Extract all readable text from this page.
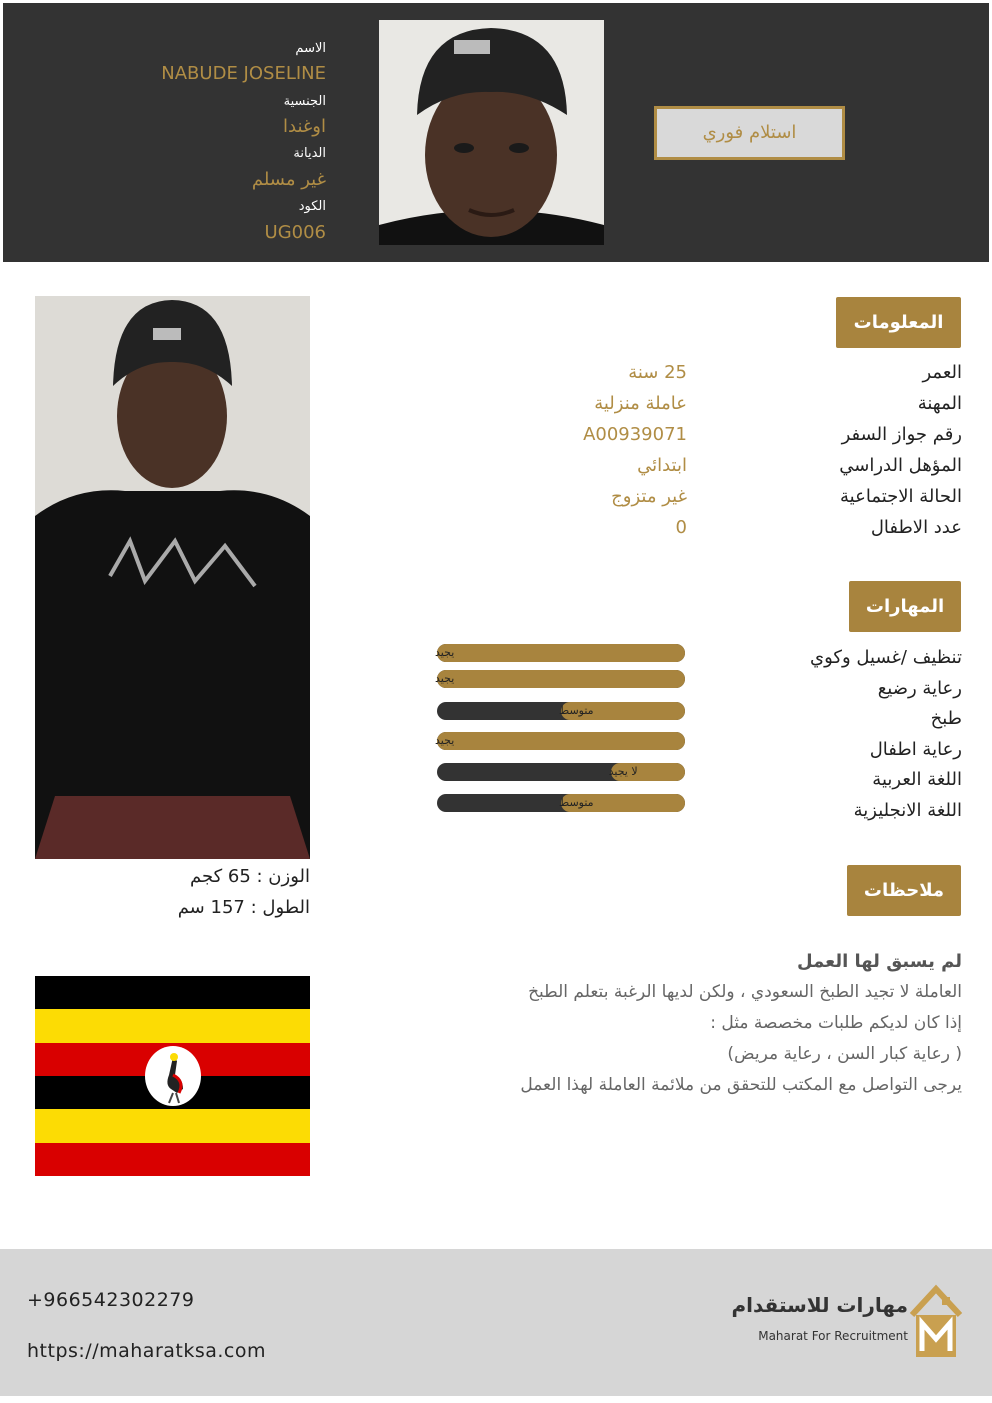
الاسم
NABUDE JOSELINE
الجنسية
اوغندا
الديانة
غير مسلم
الكود
UG006
استلام فوري
الوزن : 65 كجم
الطول : 157 سم
المعلومات
العمر
25 سنة
المهنة
عاملة منزلية
رقم جواز السفر
A00939071
المؤهل الدراسي
ابتدائي
الحالة الاجتماعية
غير متزوج
عدد الاطفال
0
المهارات
تنظيف /غسيل وكوي
يجيد
رعاية رضيع
يجيد
طبخ
متوسط
رعاية اطفال
يجيد
اللغة العربية
لا يجيد
اللغة الانجليزية
متوسط
ملاحظات
لم يسبق لها العمل
العاملة لا تجيد الطبخ السعودي ، ولكن لديها الرغبة بتعلم الطبخ
إذا كان لديكم طلبات مخصصة مثل :
( رعاية كبار السن ، رعاية مريض)
يرجى التواصل مع المكتب للتحقق من ملائمة العاملة لهذا العمل
+966542302279
https://maharatksa.com
مهارات للاستقدام
Maharat For Recruitment
